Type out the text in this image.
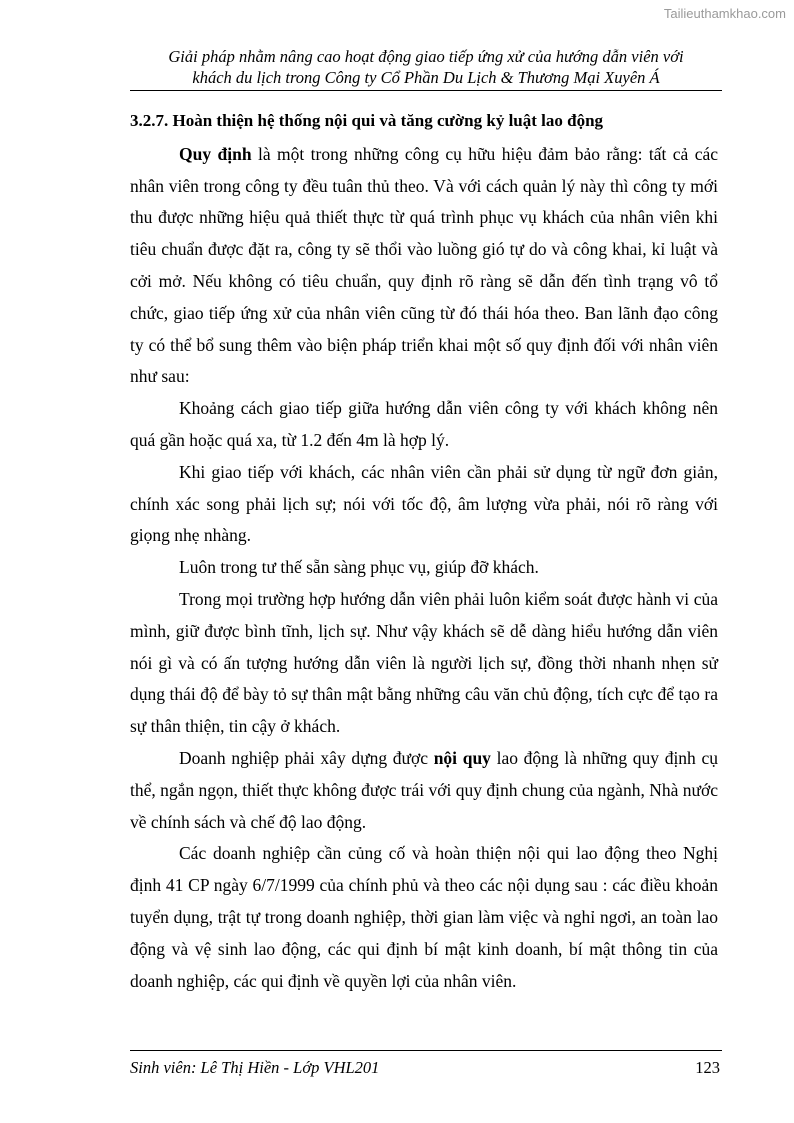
Tailieuthamkhao.com
Giải pháp nhằm nâng cao hoạt động giao tiếp ứng xử của hướng dẫn viên với
khách du lịch trong Công ty Cổ Phần Du Lịch & Thương Mại Xuyên Á
3.2.7. Hoàn thiện hệ thống nội qui và tăng cường kỷ luật lao động

Quy định là một trong những công cụ hữu hiệu đảm bảo rằng: tất cả các nhân viên trong công ty đều tuân thủ theo. Và với cách quản lý này thì công ty mới thu được những hiệu quả thiết thực từ quá trình phục vụ khách của nhân viên khi tiêu chuẩn được đặt ra, công ty sẽ thổi vào luồng gió tự do và công khai, kỉ luật và cởi mở. Nếu không có tiêu chuẩn, quy định rõ ràng sẽ dẫn đến tình trạng vô tổ chức, giao tiếp ứng xử của nhân viên cũng từ đó thái hóa theo. Ban lãnh đạo công ty có thể bổ sung thêm vào biện pháp triển khai một số quy định đối với nhân viên như sau:

Khoảng cách giao tiếp giữa hướng dẫn viên công ty với khách không nên quá gần hoặc quá xa, từ 1.2 đến 4m là hợp lý.

Khi giao tiếp với khách, các nhân viên cần phải sử dụng từ ngữ đơn giản, chính xác song phải lịch sự; nói với tốc độ, âm lượng vừa phải, nói rõ ràng với giọng nhẹ nhàng.

Luôn trong tư thế sẵn sàng phục vụ, giúp đỡ khách.

Trong mọi trường hợp hướng dẫn viên phải luôn kiểm soát được hành vi của mình, giữ được bình tĩnh, lịch sự. Như vậy khách sẽ dễ dàng hiểu hướng dẫn viên nói gì và có ấn tượng hướng dẫn viên là người lịch sự, đồng thời nhanh nhẹn sử dụng thái độ để bày tỏ sự thân mật bằng những câu văn chủ động, tích cực để tạo ra sự thân thiện, tin cậy ở khách.

Doanh nghiệp phải xây dựng được nội quy lao động là những quy định cụ thể, ngắn ngọn, thiết thực không được trái với quy định chung của ngành, Nhà nước về chính sách và chế độ lao động.

Các doanh nghiệp cần củng cố và hoàn thiện nội qui lao động theo Nghị định 41 CP ngày 6/7/1999 của chính phủ và theo các nội dụng sau : các điều khoản tuyển dụng, trật tự trong doanh nghiệp, thời gian làm việc và nghỉ ngơi, an toàn lao động và vệ sinh lao động, các qui định bí mật kinh doanh, bí mật thông tin của doanh nghiệp, các qui định về quyền lợi của nhân viên.

Sinh viên: Lê Thị Hiền - Lớp VHL201	123
